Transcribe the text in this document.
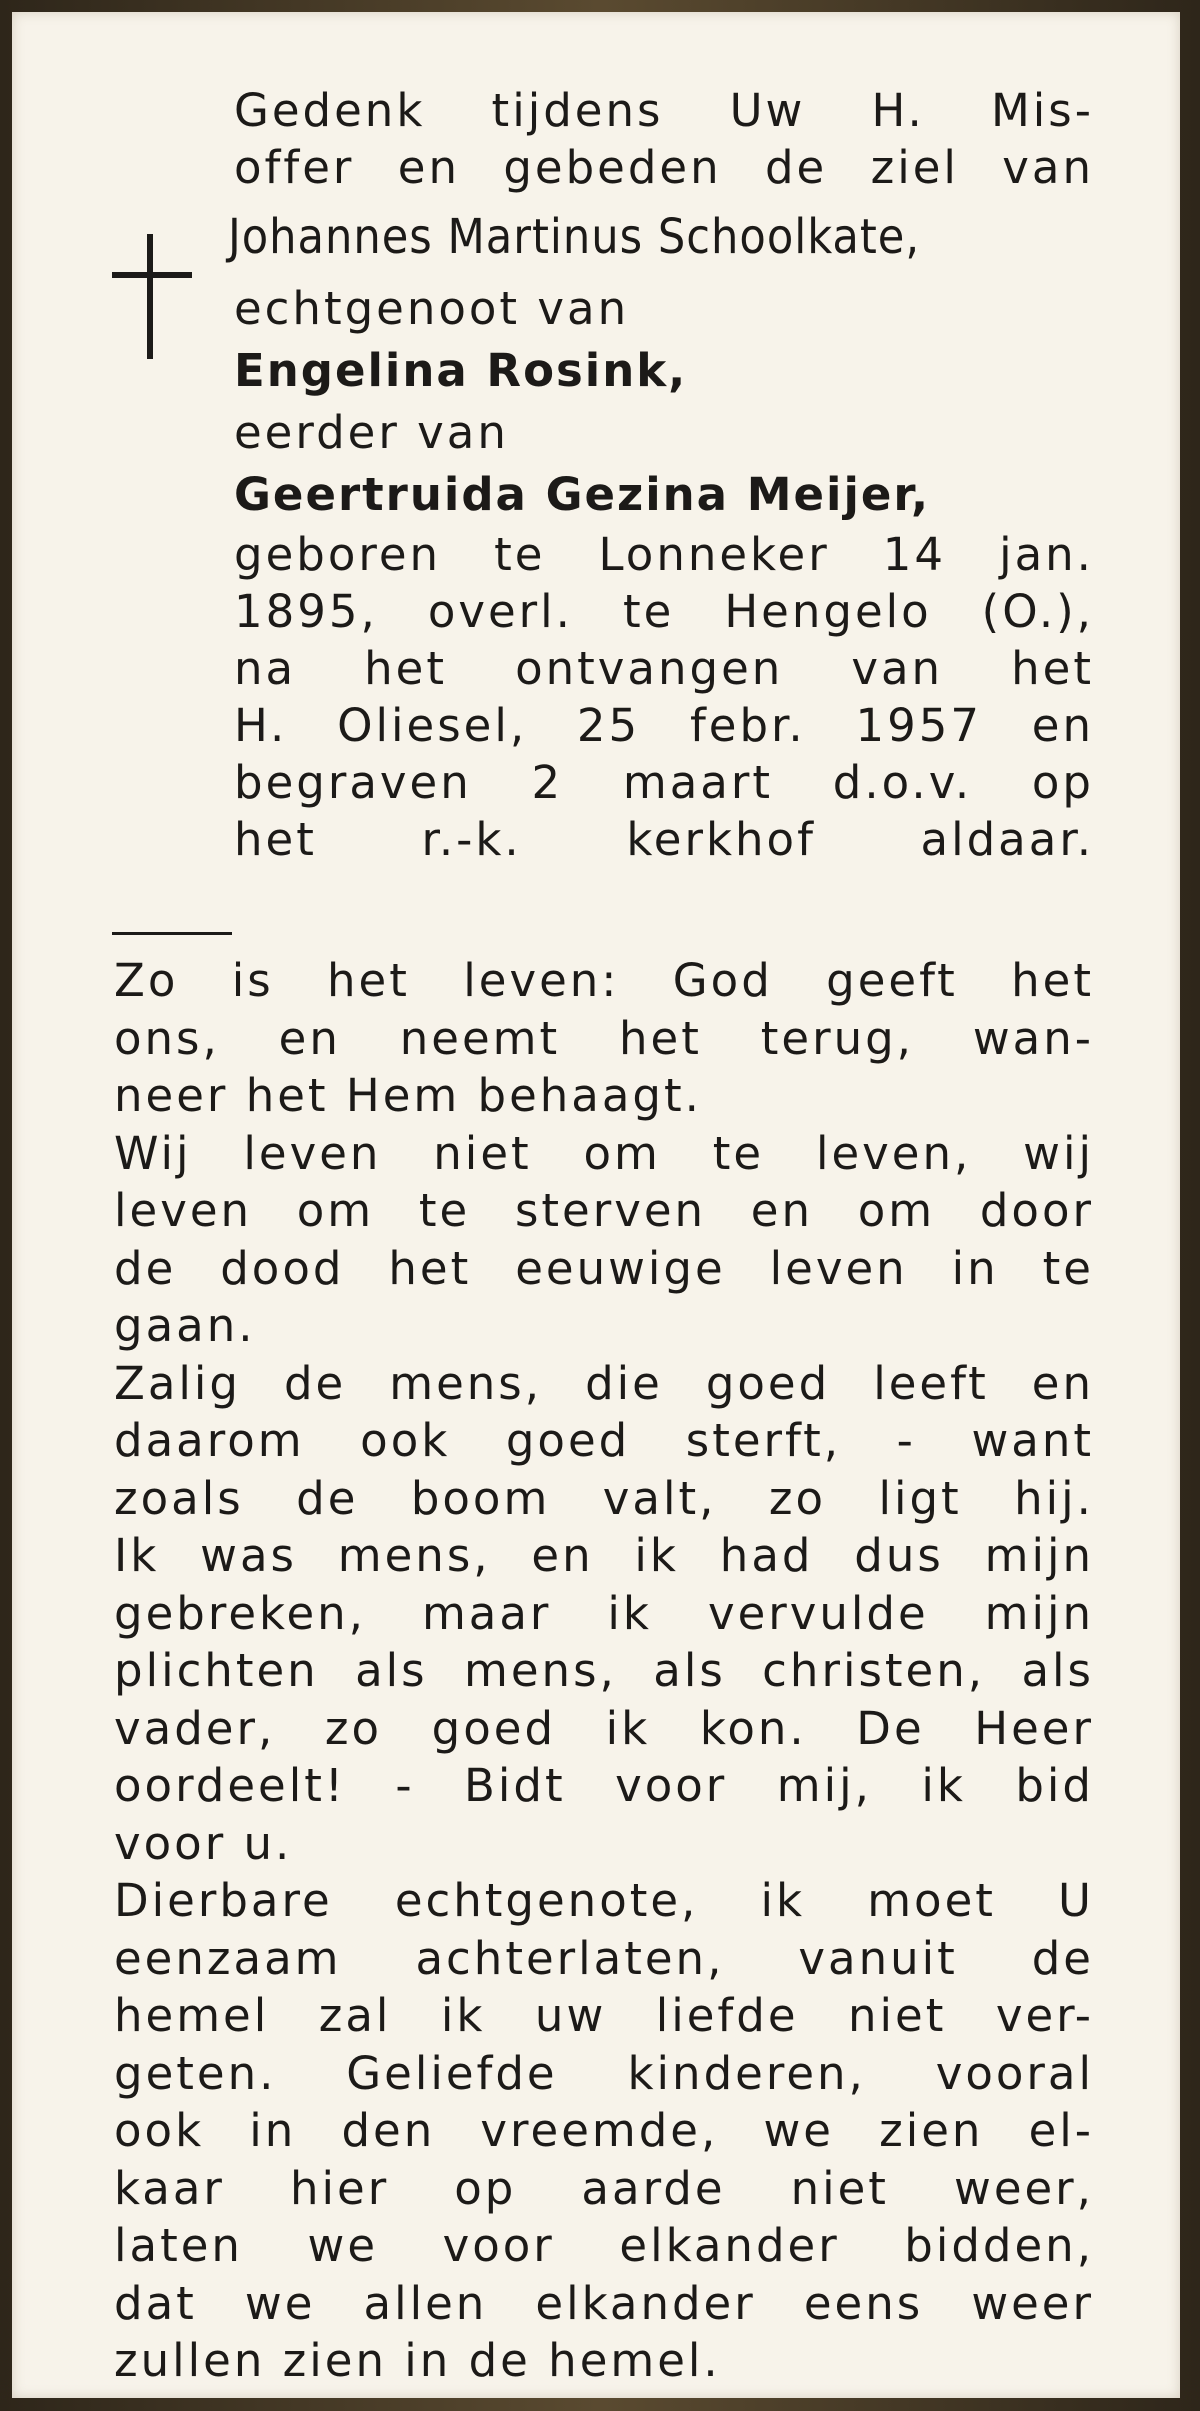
Gedenk tijdens Uw H. Mis-
offer en gebeden de ziel van
Johannes Martinus Schoolkate,
echtgenoot van
Engelina Rosink,
eerder van
Geertruida Gezina Meijer,
geboren te Lonneker 14 jan.
1895, overl. te Hengelo (O.),
na het ontvangen van het
H. Oliesel, 25 febr. 1957 en
begraven 2 maart d.o.v. op
het r.-k. kerkhof aldaar.
Zo is het leven: God geeft het
ons, en neemt het terug, wan-
neer het Hem behaagt.
Wij leven niet om te leven, wij
leven om te sterven en om door
de dood het eeuwige leven in te
gaan.
Zalig de mens, die goed leeft en
daarom ook goed sterft, - want
zoals de boom valt, zo ligt hij.
Ik was mens, en ik had dus mijn
gebreken, maar ik vervulde mijn
plichten als mens, als christen, als
vader, zo goed ik kon. De Heer
oordeelt! - Bidt voor mij, ik bid
voor u.
Dierbare echtgenote, ik moet U
eenzaam achterlaten, vanuit de
hemel zal ik uw liefde niet ver-
geten. Geliefde kinderen, vooral
ook in den vreemde, we zien el-
kaar hier op aarde niet weer,
laten we voor elkander bidden,
dat we allen elkander eens weer
zullen zien in de hemel.
